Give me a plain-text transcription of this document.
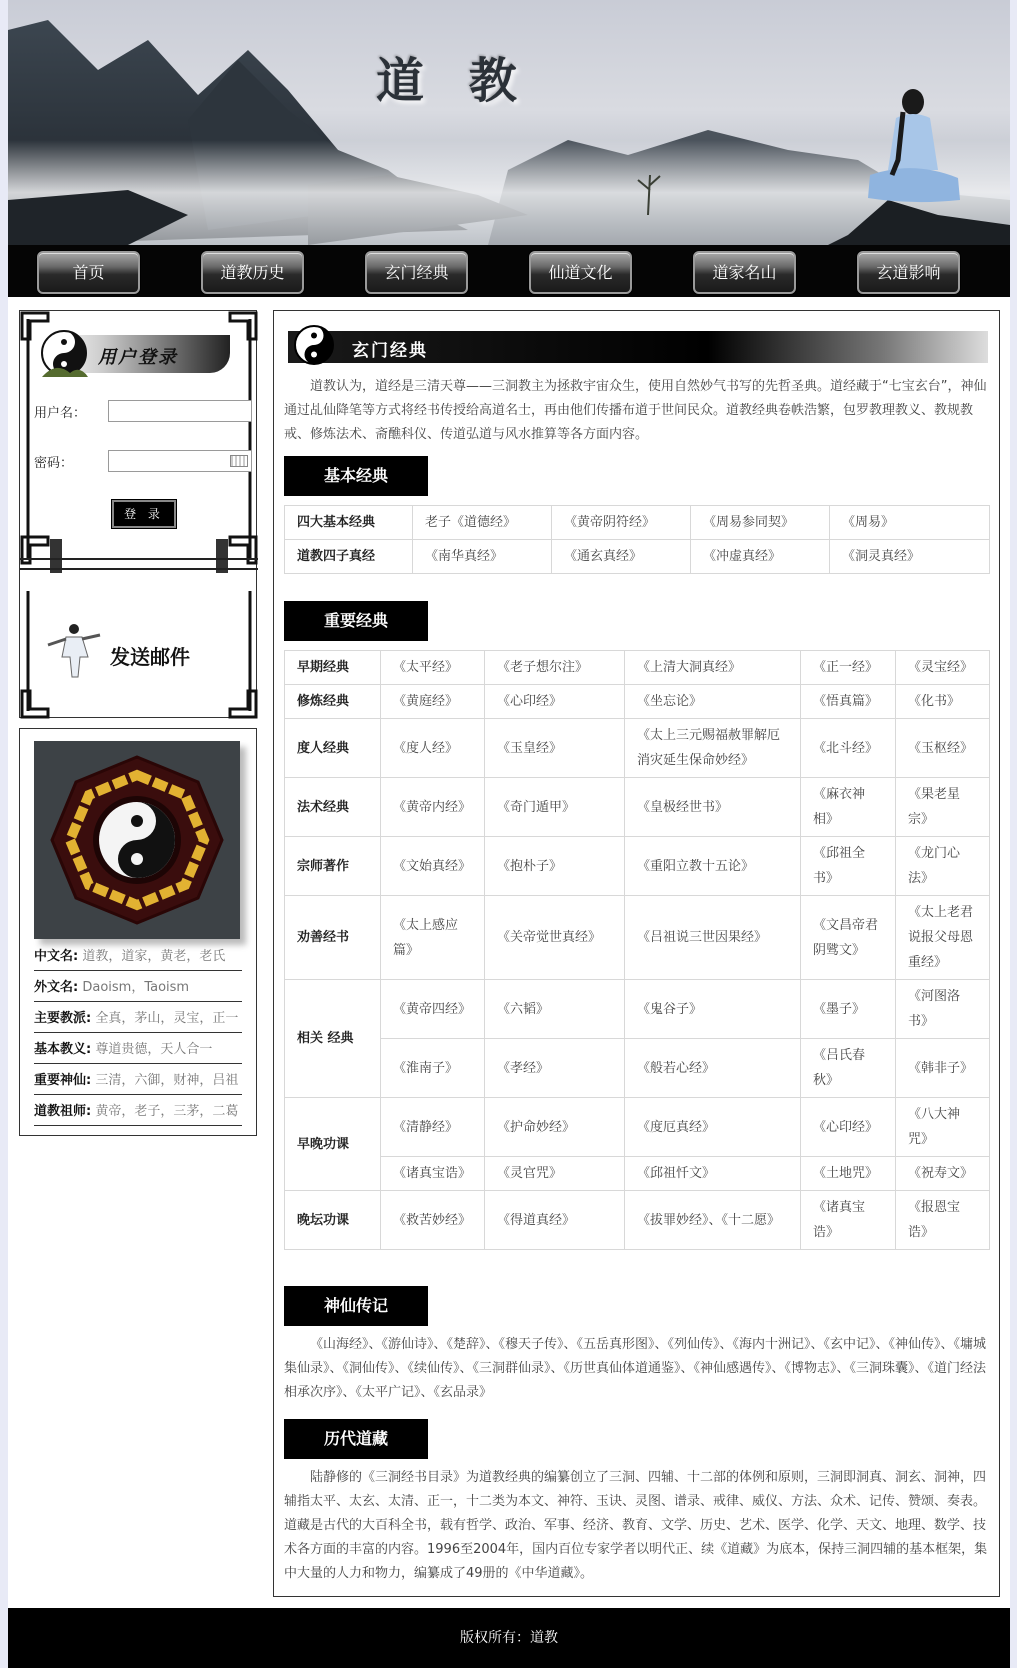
道 教
首页	道教历史	玄门经典	仙道文化	道家名山	玄道影响
用户登录
用户名：
密码：
登 录
发送邮件
中文名: 道教，道家，黄老，老氏
外文名: Daoism，Taoism
主要教派: 全真，茅山，灵宝，正一
基本教义: 尊道贵德，天人合一
重要神仙: 三清，六御，财神，吕祖
道教祖师: 黄帝，老子，三茅，二葛
玄门经典

道教认为，道经是三清天尊——三洞教主为拯救宇宙众生，使用自然妙气书写的先哲圣典。道经藏于“七宝玄台”，神仙通过乩仙降笔等方式将经书传授给高道名士，再由他们传播布道于世间民众。道教经典卷帙浩繁，包罗教理教义、教规教戒、修炼法术、斋醮科仪、传道弘道与风水推算等各方面内容。

基本经典
四大基本经典	老子《道德经》	《黄帝阴符经》	《周易参同契》	《周易》
道教四子真经	《南华真经》	《通玄真经》	《冲虚真经》	《洞灵真经》
重要经典
早期经典	《太平经》	《老子想尔注》	《上清大洞真经》	《正一经》	《灵宝经》
修炼经典	《黄庭经》	《心印经》	《坐忘论》	《悟真篇》	《化书》
度人经典	《度人经》	《玉皇经》	《太上三元赐福赦罪解厄消灾延生保命妙经》	《北斗经》	《玉枢经》
法术经典	《黄帝内经》	《奇门遁甲》	《皇极经世书》	《麻衣神相》	《果老星宗》
宗师著作	《文始真经》	《抱朴子》	《重阳立教十五论》	《邱祖全书》	《龙门心法》
劝善经书	《太上感应篇》	《关帝觉世真经》	《吕祖说三世因果经》	《文昌帝君阴骘文》	《太上老君说报父母恩重经》
相关 经典	《黄帝四经》	《六韬》	《鬼谷子》	《墨子》	《河图洛书》
	《淮南子》	《孝经》	《般若心经》	《吕氏春秋》	《韩非子》
早晚功课	《清静经》	《护命妙经》	《度厄真经》	《心印经》	《八大神咒》
	《诸真宝诰》	《灵官咒》	《邱祖忏文》	《土地咒》	《祝寿文》
晚坛功课	《救苦妙经》	《得道真经》	《拔罪妙经》、《十二愿》	《诸真宝诰》	《报恩宝诰》
神仙传记

《山海经》、《游仙诗》、《楚辞》、《穆天子传》、《五岳真形图》、《列仙传》、《海内十洲记》、《玄中记》、《神仙传》、《墉城集仙录》、《洞仙传》、《续仙传》、《三洞群仙录》、《历世真仙体道通鉴》、《神仙感遇传》、《博物志》、《三洞珠囊》、《道门经法相承次序》、《太平广记》、《玄品录》

历代道藏

陆静修的《三洞经书目录》为道教经典的编纂创立了三洞、四辅、十二部的体例和原则，三洞即洞真、洞玄、洞神，四辅指太平、太玄、太清、正一，十二类为本文、神符、玉诀、灵图、谱录、戒律、威仪、方法、众术、记传、赞颂、奏表。道藏是古代的大百科全书，载有哲学、政治、军事、经济、教育、文学、历史、艺术、医学、化学、天文、地理、数学、技术各方面的丰富的内容。1996至2004年，国内百位专家学者以明代正、续《道藏》为底本，保持三洞四辅的基本框架，集中大量的人力和物力，编纂成了49册的《中华道藏》。

版权所有：道教
